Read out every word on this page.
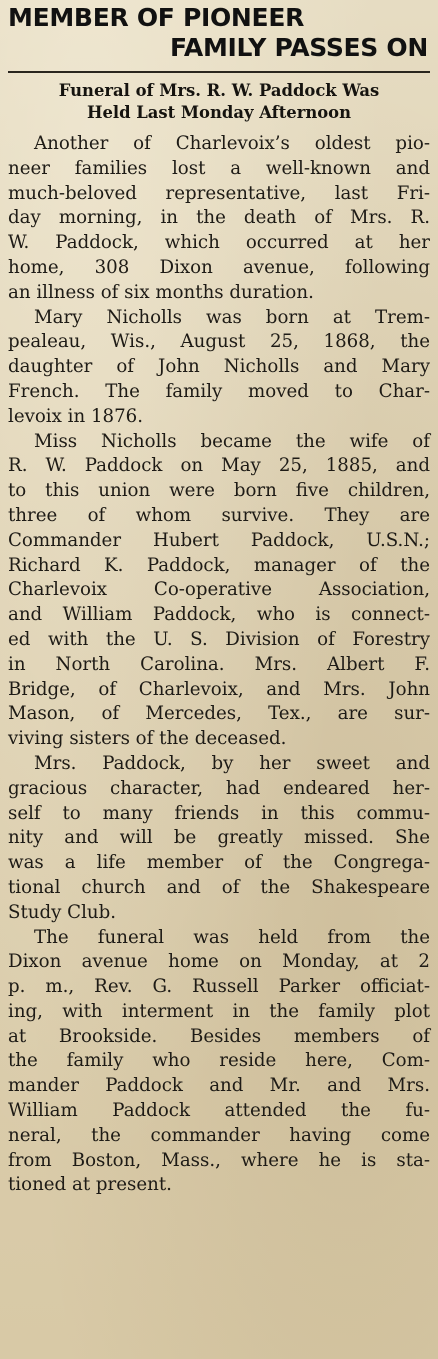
MEMBER OF PIONEER
FAMILY PASSES ON
Funeral of Mrs. R. W. Paddock Was
Held Last Monday Afternoon
Another of Charlevoix’s oldest pio-
neer families lost a well-known and
much-beloved representative, last Fri-
day morning, in the death of Mrs. R.
W. Paddock, which occurred at her
home, 308 Dixon avenue, following
an illness of six months duration.
Mary Nicholls was born at Trem-
pealeau, Wis., August 25, 1868, the
daughter of John Nicholls and Mary
French. The family moved to Char-
levoix in 1876.
Miss Nicholls became the wife of
R. W. Paddock on May 25, 1885, and
to this union were born five children,
three of whom survive. They are
Commander Hubert Paddock, U.S.N.;
Richard K. Paddock, manager of the
Charlevoix Co-operative Association,
and William Paddock, who is connect-
ed with the U. S. Division of Forestry
in North Carolina. Mrs. Albert F.
Bridge, of Charlevoix, and Mrs. John
Mason, of Mercedes, Tex., are sur-
viving sisters of the deceased.
Mrs. Paddock, by her sweet and
gracious character, had endeared her-
self to many friends in this commu-
nity and will be greatly missed. She
was a life member of the Congrega-
tional church and of the Shakespeare
Study Club.
The funeral was held from the
Dixon avenue home on Monday, at 2
p. m., Rev. G. Russell Parker officiat-
ing, with interment in the family plot
at Brookside. Besides members of
the family who reside here, Com-
mander Paddock and Mr. and Mrs.
William Paddock attended the fu-
neral, the commander having come
from Boston, Mass., where he is sta-
tioned at present.
